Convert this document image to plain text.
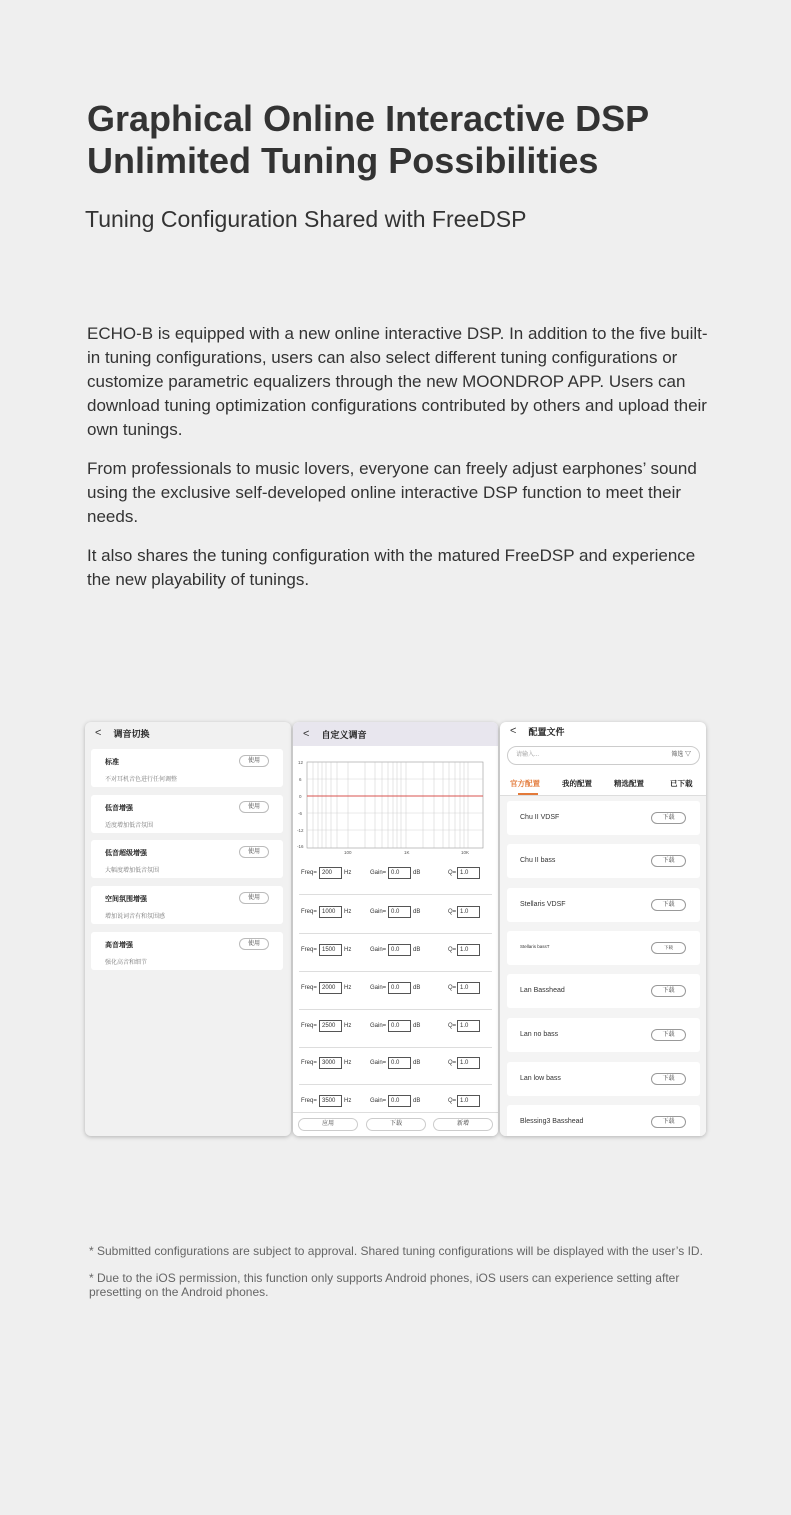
Graphical Online Interactive DSP
Unlimited Tuning Possibilities
Tuning Configuration Shared with FreeDSP

ECHO-B is equipped with a new online interactive DSP. In addition to the five built-in tuning configurations, users can also select different tuning configurations or customize parametric equalizers through the new MOONDROP APP. Users can download tuning optimization configurations contributed by others and upload their own tunings.

From professionals to music lovers, everyone can freely adjust earphones’ sound using the exclusive self-developed online interactive DSP function to meet their needs.

It also shares the tuning configuration with the matured FreeDSP and experience the new playability of tunings.

< 调音切换
标准
不对耳机音色进行任何调整
使用
低音增强
适度增加低音氛围
使用
低音超级增强
大幅度增加低音氛围
使用
空间氛围增强
增加说词音有和氛围感
使用
高音增强
强化高音和细节
使用
< 自定义调音
12
6
0
-6
-12
-16
100	1K	10K
Freq= 200	Hz	Gain= 0.0	dB	Q= 1.0
Freq= 1000	Hz	Gain= 0.0	dB	Q= 1.0
Freq= 1500	Hz	Gain= 0.0	dB	Q= 1.0
Freq= 2000	Hz	Gain= 0.0	dB	Q= 1.0
Freq= 2500	Hz	Gain= 0.0	dB	Q= 1.0
Freq= 3000	Hz	Gain= 0.0	dB	Q= 1.0
Freq= 3500	Hz	Gain= 0.0	dB	Q= 1.0
应用	下载	新增
< 配置文件
请输入...	筛选 ▽
官方配置	我的配置	精选配置	已下载
Chu II VDSF	下载
Chu II bass	下载
Stellaris VDSF	下载
Stellaris bassT	下载
Lan Basshead	下载
Lan no bass	下载
Lan low bass	下载
Blessing3 Basshead	下载
* Submitted configurations are subject to approval. Shared tuning configurations will be displayed with the user’s ID.
* Due to the iOS permission, this function only supports Android phones, iOS users can experience setting after presetting on the Android phones.
